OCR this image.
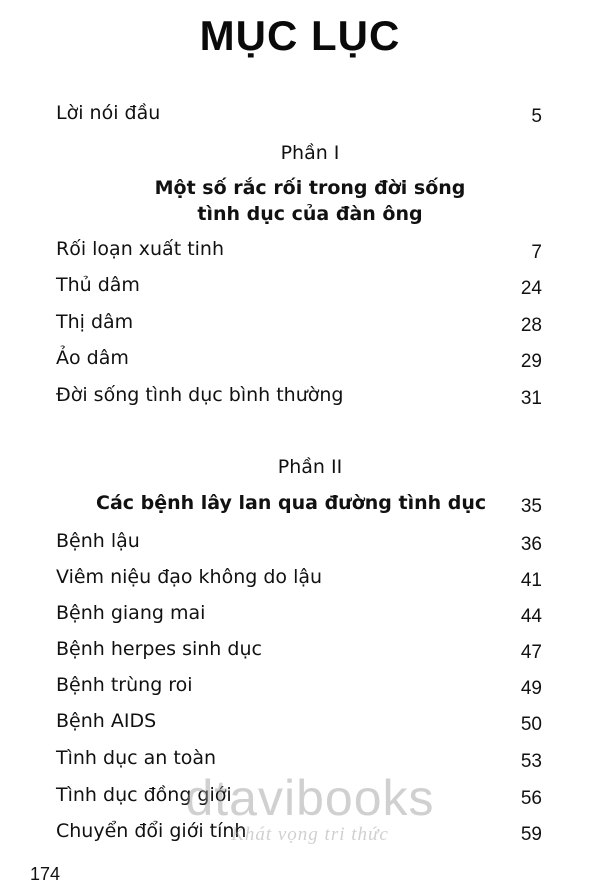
MỤC LỤC
Lời nói đầu	5
Phần I
Một số rắc rối trong đời sống
tình dục của đàn ông
Rối loạn xuất tinh	7
Thủ dâm	24
Thị dâm	28
Ảo dâm	29
Đời sống tình dục bình thường	31
Phần II
Các bệnh lây lan qua đường tình dục 35
Bệnh lậu	36
Viêm niệu đạo không do lậu	41
Bệnh giang mai	44
Bệnh herpes sinh dục	47
Bệnh trùng roi	49
Bệnh AIDS	50
Tình dục an toàn	53
Tình dục đồng giới	56
Chuyển đổi giới tính	59
174
dtavibooks
Khát vọng tri thức
